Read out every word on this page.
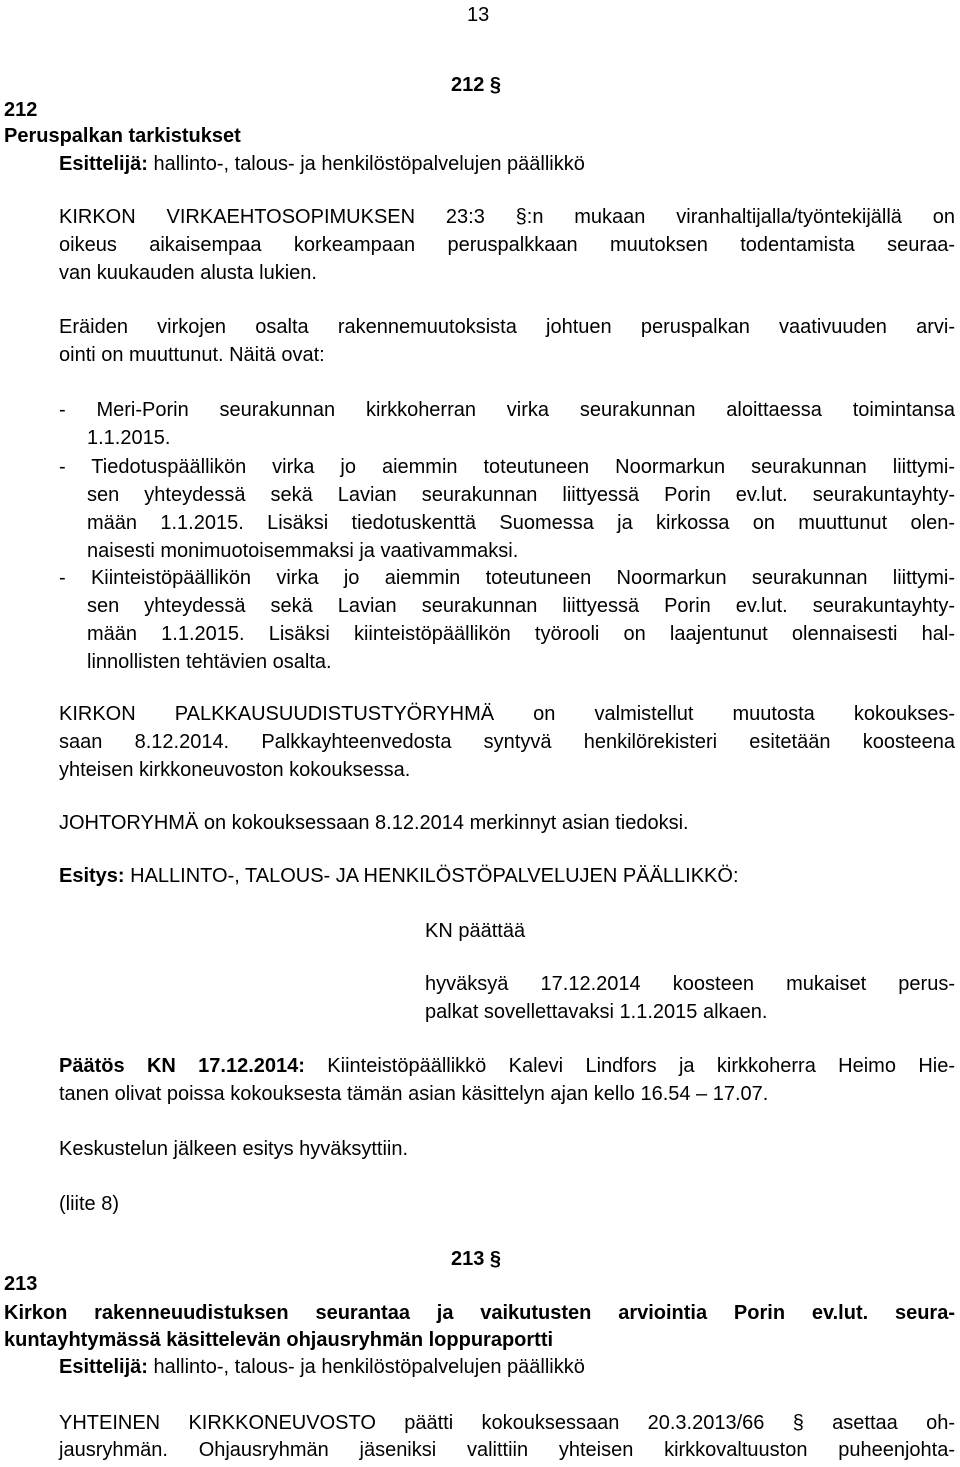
13
212 §
212
Peruspalkan tarkistukset
Esittelijä: hallinto-, talous- ja henkilöstöpalvelujen päällikkö
KIRKON VIRKAEHTOSOPIMUKSEN 23:3 §:n mukaan viranhaltijalla/työntekijällä on
oikeus aikaisempaa korkeampaan peruspalkkaan muutoksen todentamista seuraa-
van kuukauden alusta lukien.
Eräiden virkojen osalta rakennemuutoksista johtuen peruspalkan vaativuuden arvi-
ointi on muuttunut. Näitä ovat:
- Meri-Porin seurakunnan kirkkoherran virka seurakunnan aloittaessa toimintansa
1.1.2015.
- Tiedotuspäällikön virka jo aiemmin toteutuneen Noormarkun seurakunnan liittymi-
sen yhteydessä sekä Lavian seurakunnan liittyessä Porin ev.lut. seurakuntayhty-
mään 1.1.2015. Lisäksi tiedotuskenttä Suomessa ja kirkossa on muuttunut olen-
naisesti monimuotoisemmaksi ja vaativammaksi.
- Kiinteistöpäällikön virka jo aiemmin toteutuneen Noormarkun seurakunnan liittymi-
sen yhteydessä sekä Lavian seurakunnan liittyessä Porin ev.lut. seurakuntayhty-
mään 1.1.2015. Lisäksi kiinteistöpäällikön työrooli on laajentunut olennaisesti hal-
linnollisten tehtävien osalta.
KIRKON PALKKAUSUUDISTUSTYÖRYHMÄ on valmistellut muutosta kokoukses-
saan 8.12.2014. Palkkayhteenvedosta syntyvä henkilörekisteri esitetään koosteena
yhteisen kirkkoneuvoston kokouksessa.
JOHTORYHMÄ on kokouksessaan 8.12.2014 merkinnyt asian tiedoksi.
Esitys: HALLINTO-, TALOUS- JA HENKILÖSTÖPALVELUJEN PÄÄLLIKKÖ:
KN päättää
hyväksyä 17.12.2014 koosteen mukaiset perus-
palkat sovellettavaksi 1.1.2015 alkaen.
Päätös KN 17.12.2014: Kiinteistöpäällikkö Kalevi Lindfors ja kirkkoherra Heimo Hie-
tanen olivat poissa kokouksesta tämän asian käsittelyn ajan kello 16.54 – 17.07.
Keskustelun jälkeen esitys hyväksyttiin.
(liite 8)
213 §
213
Kirkon rakenneuudistuksen seurantaa ja vaikutusten arviointia Porin ev.lut. seura-
kuntayhtymässä käsittelevän ohjausryhmän loppuraportti
Esittelijä: hallinto-, talous- ja henkilöstöpalvelujen päällikkö
YHTEINEN KIRKKONEUVOSTO päätti kokouksessaan 20.3.2013/66 § asettaa oh-
jausryhmän. Ohjausryhmän jäseniksi valittiin yhteisen kirkkovaltuuston puheenjohta-
